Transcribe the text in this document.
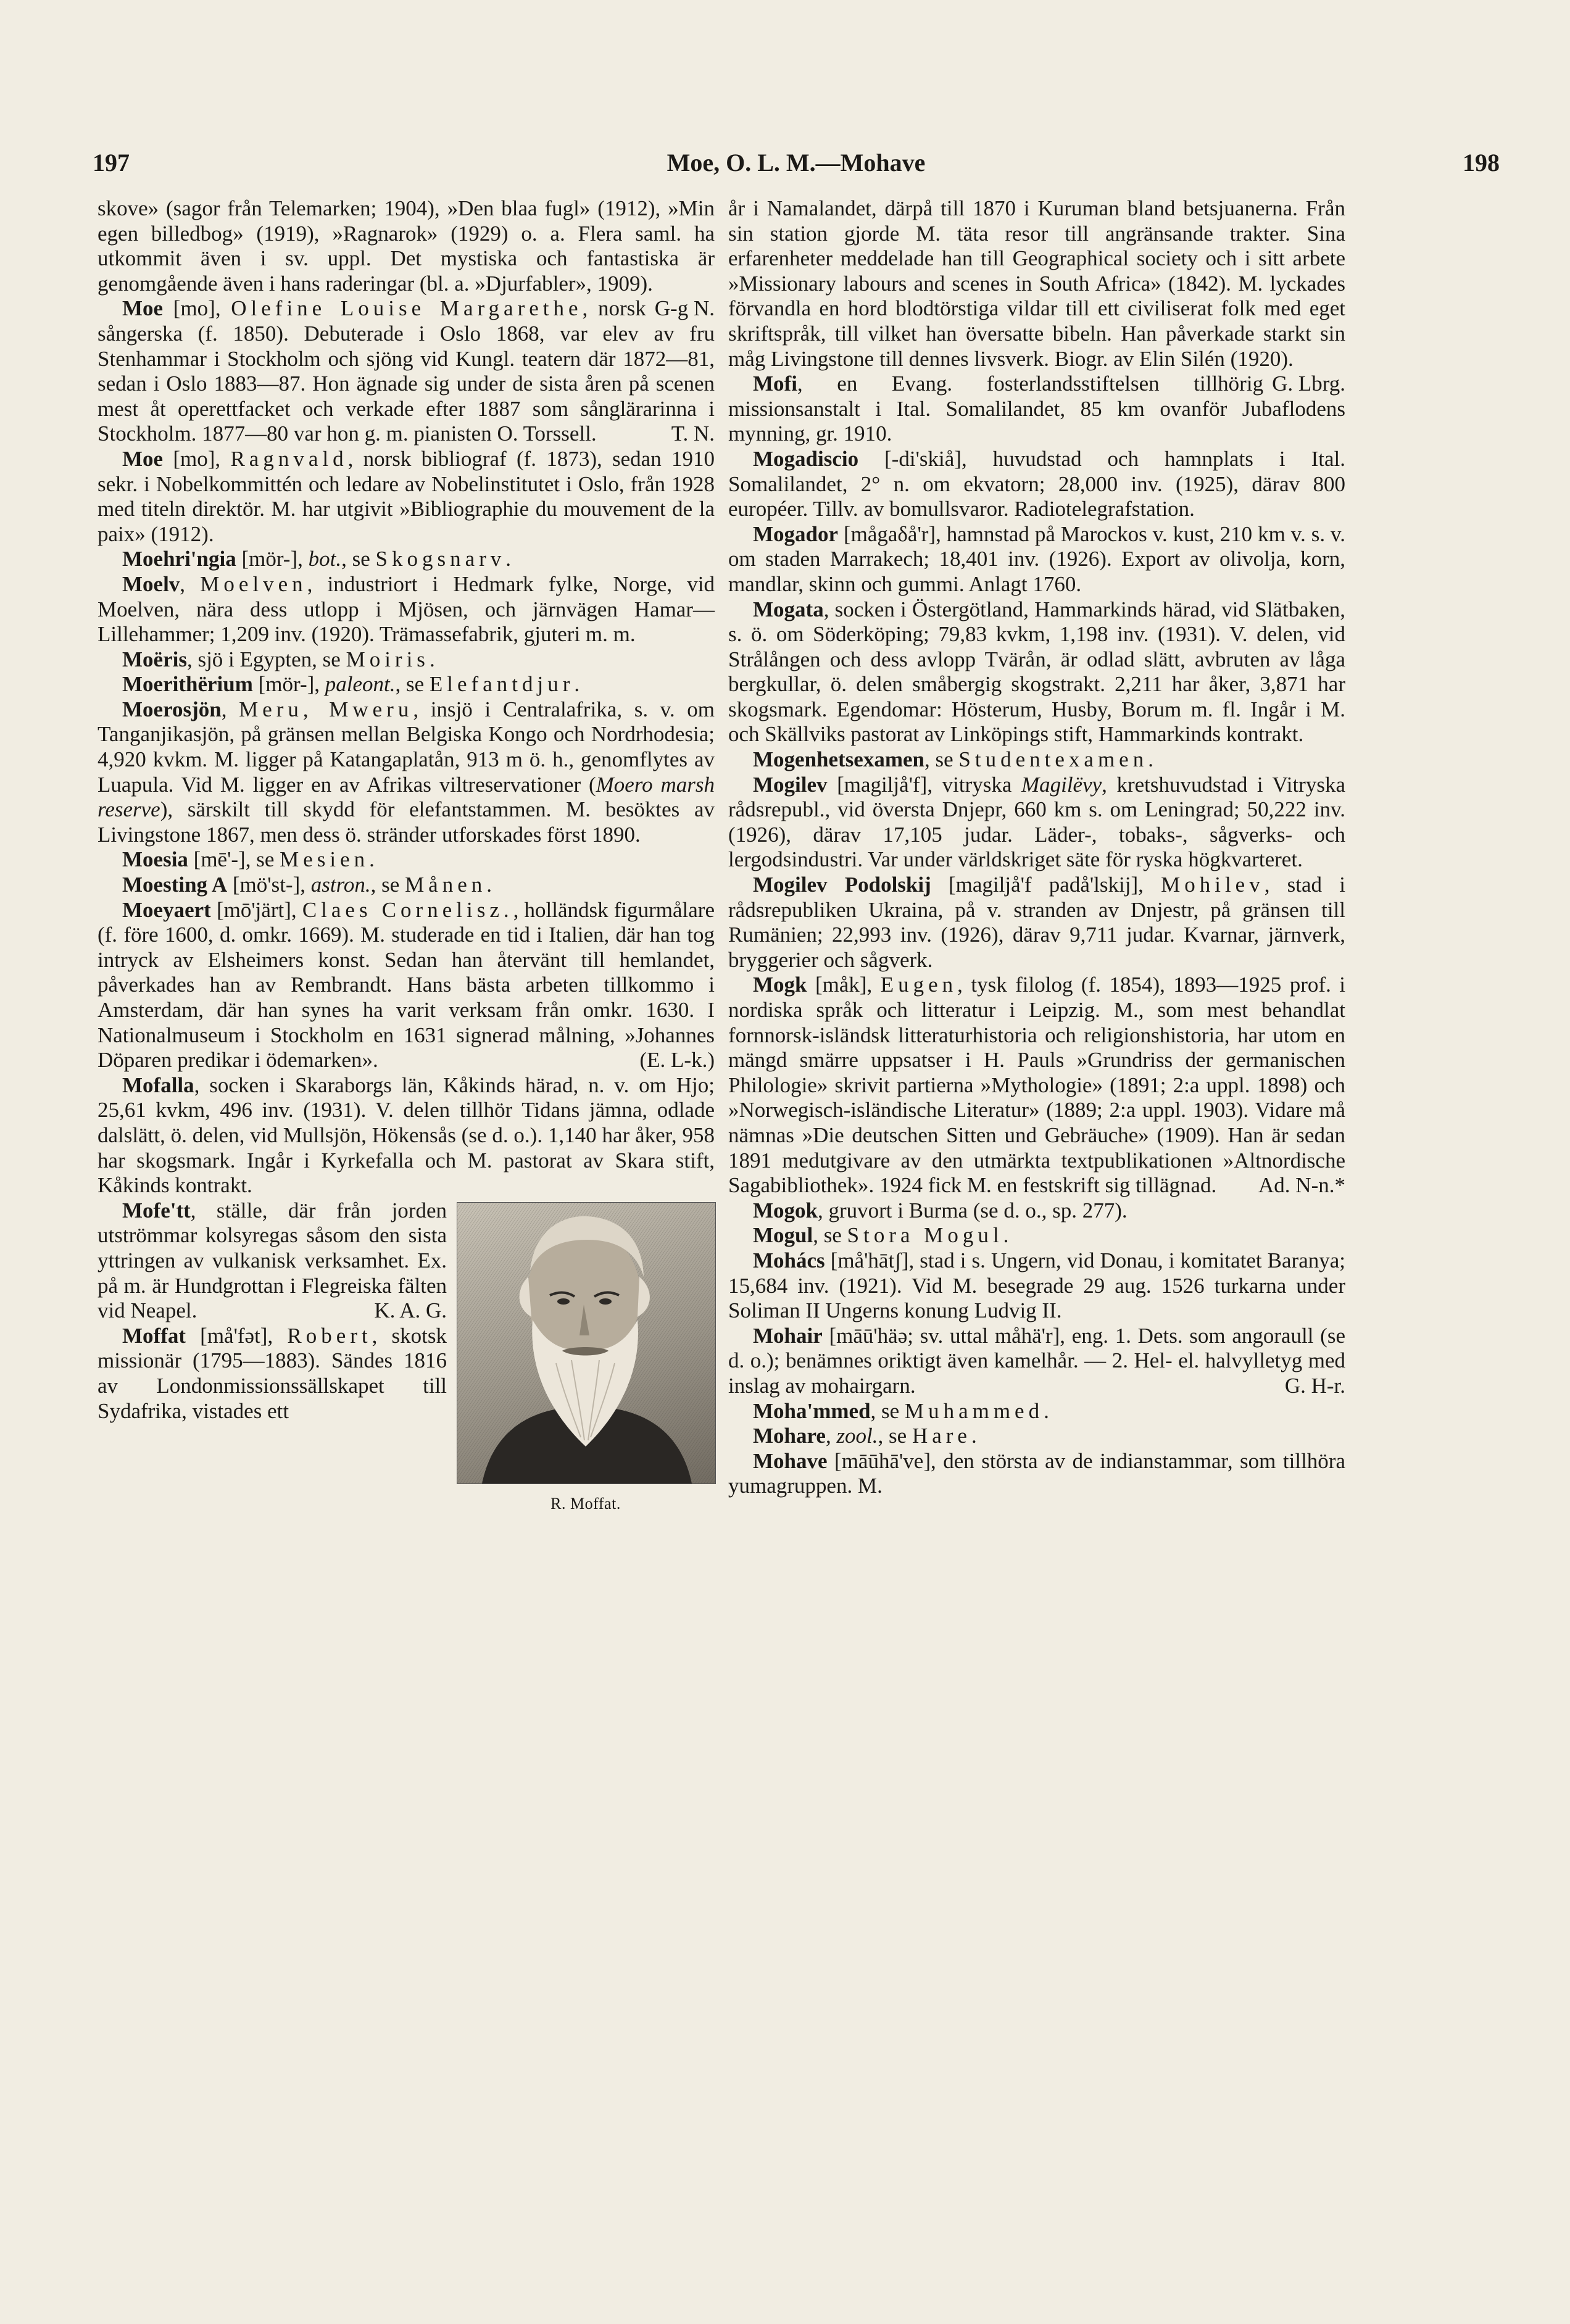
197	Moe, O. L. M.—Mohave	198

skove» (sagor från Telemarken; 1904), »Den blaa fugl» (1912), »Min egen billedbog» (1919), »Ragnarok» (1929) o. a. Flera saml. ha utkommit även i sv. uppl. Det mystiska och fantastiska är genomgående även i hans raderingar (bl. a. »Djurfabler», 1909).
G-g N.

Moe [mo], Olefine Louise Margarethe, norsk sångerska (f. 1850). Debuterade i Oslo 1868, var elev av fru Stenhammar i Stockholm och sjöng vid Kungl. teatern där 1872—81, sedan i Oslo 1883—87. Hon ägnade sig under de sista åren på scenen mest åt operettfacket och verkade efter 1887 som sånglärarinna i Stockholm. 1877—80 var hon g. m. pianisten O. Torssell.	T. N.

Moe [mo], Ragnvald, norsk bibliograf (f. 1873), sedan 1910 sekr. i Nobelkommittén och ledare av Nobelinstitutet i Oslo, från 1928 med titeln direktör. M. har utgivit »Bibliographie du mouvement de la paix» (1912).

Moehri'ngia [mör-], bot., se Skogsnarv.

Moelv, Moelven, industriort i Hedmark fylke, Norge, vid Moelven, nära dess utlopp i Mjösen, och järnvägen Hamar—Lillehammer; 1,209 inv. (1920). Trämassefabrik, gjuteri m. m.

Moëris, sjö i Egypten, se Moiris.

Moerithërium [mör-], paleont., se Elefantdjur.

Moerosjön, Meru, Mweru, insjö i Centralafrika, s. v. om Tanganjikasjön, på gränsen mellan Belgiska Kongo och Nordrhodesia; 4,920 kvkm. M. ligger på Katangaplatån, 913 m ö. h., genomflytes av Luapula. Vid M. ligger en av Afrikas viltreservationer (Moero marsh reserve), särskilt till skydd för elefantstammen. M. besöktes av Livingstone 1867, men dess ö. stränder utforskades först 1890.

Moesia [mē'-], se Mesien.

Moesting A [mö'st-], astron., se Månen.

Moeyaert [mō'järt], Claes Cornelisz., holländsk figurmålare (f. före 1600, d. omkr. 1669). M. studerade en tid i Italien, där han tog intryck av Elsheimers konst. Sedan han återvänt till hemlandet, påverkades han av Rembrandt. Hans bästa arbeten tillkommo i Amsterdam, där han synes ha varit verksam från omkr. 1630. I Nationalmuseum i Stockholm en 1631 signerad målning, »Johannes Döparen predikar i ödemarken».	(E. L-k.)

Mofalla, socken i Skaraborgs län, Kåkinds härad, n. v. om Hjo; 25,61 kvkm, 496 inv. (1931). V. delen tillhör Tidans jämna, odlade dalslätt, ö. delen, vid Mullsjön, Hökensås (se d. o.). 1,140 har åker, 958 har skogsmark. Ingår i Kyrkefalla och M. pastorat av Skara stift, Kåkinds kontrakt.

R. Moffat.

Mofe'tt, ställe, där från jorden utströmmar kolsyregas såsom den sista yttringen av vulkanisk verksamhet. Ex. på m. är Hundgrottan i Flegreiska fälten vid Neapel.	K. A. G.

Moffat [må'fət], Robert, skotsk missionär (1795—1883). Sändes 1816 av Londonmissionssällskapet till Sydafrika, vistades ett

år i Namalandet, därpå till 1870 i Kuruman bland betsjuanerna. Från sin station gjorde M. täta resor till angränsande trakter. Sina erfarenheter meddelade han till Geographical society och i sitt arbete »Missionary labours and scenes in South Africa» (1842). M. lyckades förvandla en hord blodtörstiga vildar till ett civiliserat folk med eget skriftspråk, till vilket han översatte bibeln. Han påverkade starkt sin måg Livingstone till dennes livsverk. Biogr. av Elin Silén (1920).
G. Lbrg.

Mofi, en Evang. fosterlandsstiftelsen tillhörig missionsanstalt i Ital. Somalilandet, 85 km ovanför Jubaflodens mynning, gr. 1910.

Mogadiscio [-di'skiå], huvudstad och hamnplats i Ital. Somalilandet, 2° n. om ekvatorn; 28,000 inv. (1925), därav 800 européer. Tillv. av bomullsvaror. Radiotelegrafstation.

Mogador [mågaδå'r], hamnstad på Marockos v. kust, 210 km v. s. v. om staden Marrakech; 18,401 inv. (1926). Export av olivolja, korn, mandlar, skinn och gummi. Anlagt 1760.

Mogata, socken i Östergötland, Hammarkinds härad, vid Slätbaken, s. ö. om Söderköping; 79,83 kvkm, 1,198 inv. (1931). V. delen, vid Strålången och dess avlopp Tvärån, är odlad slätt, avbruten av låga bergkullar, ö. delen småbergig skogstrakt. 2,211 har åker, 3,871 har skogsmark. Egendomar: Hösterum, Husby, Borum m. fl. Ingår i M. och Skällviks pastorat av Linköpings stift, Hammarkinds kontrakt.

Mogenhetsexamen, se Studentexamen.

Mogilev [magiljå'f], vitryska Magilëvy, kretshuvudstad i Vitryska rådsrepubl., vid översta Dnjepr, 660 km s. om Leningrad; 50,222 inv. (1926), därav 17,105 judar. Läder-, tobaks-, sågverks- och lergodsindustri. Var under världskriget säte för ryska högkvarteret.

Mogilev Podolskij [magiljå'f padå'lskij], Mohilev, stad i rådsrepubliken Ukraina, på v. stranden av Dnjestr, på gränsen till Rumänien; 22,993 inv. (1926), därav 9,711 judar. Kvarnar, järnverk, bryggerier och sågverk.

Mogk [måk], Eugen, tysk filolog (f. 1854), 1893—1925 prof. i nordiska språk och litteratur i Leipzig. M., som mest behandlat fornnorsk-isländsk litteraturhistoria och religionshistoria, har utom en mängd smärre uppsatser i H. Pauls »Grundriss der germanischen Philologie» skrivit partierna »Mythologie» (1891; 2:a uppl. 1898) och »Norwegisch-isländische Literatur» (1889; 2:a uppl. 1903). Vidare må nämnas »Die deutschen Sitten und Gebräuche» (1909). Han är sedan 1891 medutgivare av den utmärkta textpublikationen »Altnordische Sagabibliothek». 1924 fick M. en festskrift sig tillägnad.	Ad. N-n.*

Mogok, gruvort i Burma (se d. o., sp. 277).

Mogul, se Stora Mogul.

Mohács [må'hātʃ], stad i s. Ungern, vid Donau, i komitatet Baranya; 15,684 inv. (1921). Vid M. besegrade 29 aug. 1526 turkarna under Soliman II Ungerns konung Ludvig II.

Mohair [māū'häə; sv. uttal måhä'r], eng. 1. Dets. som angoraull (se d. o.); benämnes oriktigt även kamelhår. — 2. Hel- el. halvylletyg med inslag av mohairgarn.	G. H-r.

Moha'mmed, se Muhammed.

Mohare, zool., se Hare.

Mohave [māūhā've], den största av de indianstammar, som tillhöra yumagruppen. M.
